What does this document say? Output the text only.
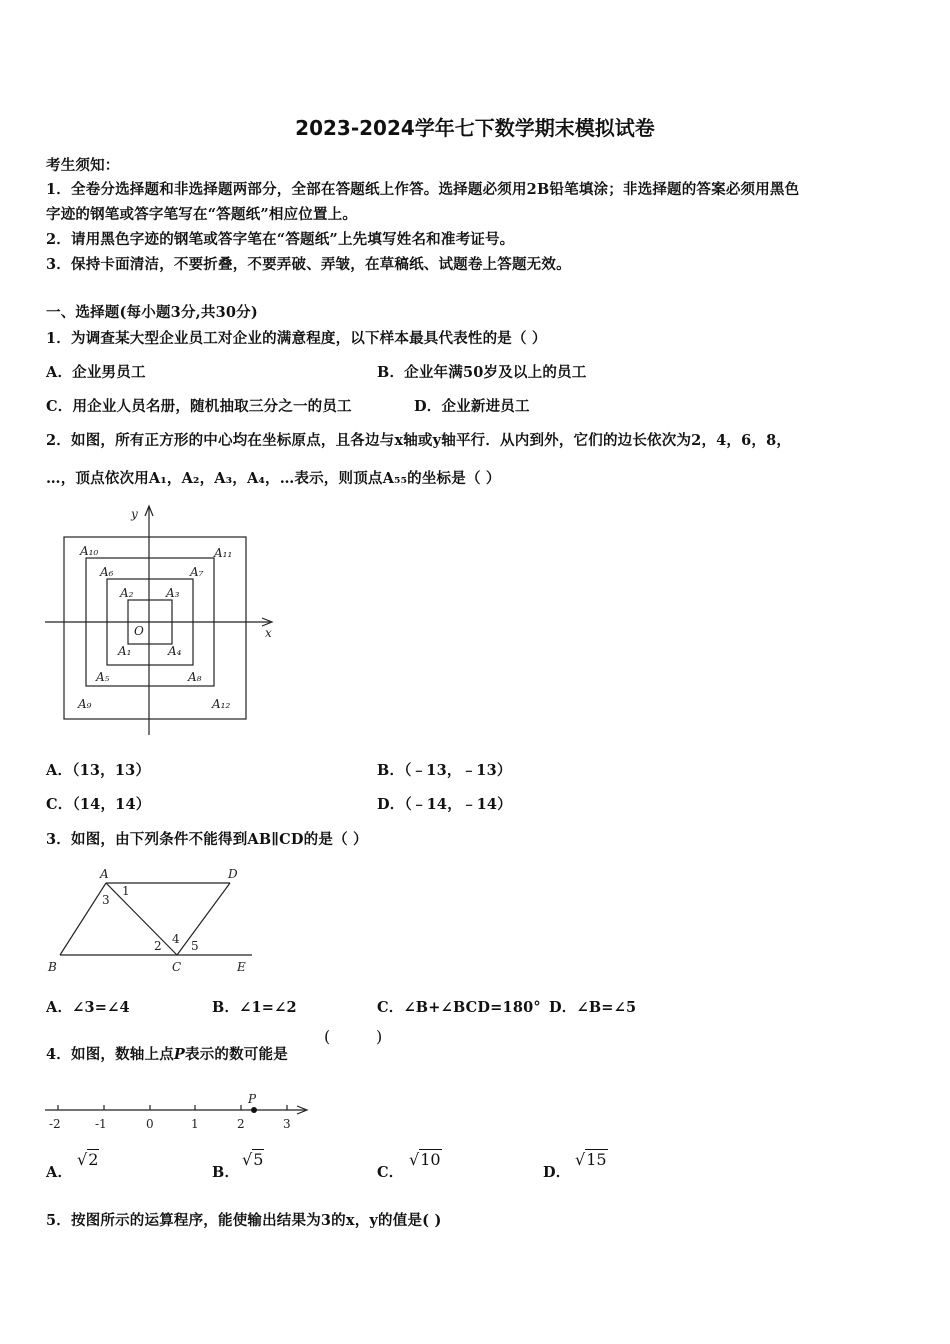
2023-2024学年七下数学期末模拟试卷
考生须知：
1．全卷分选择题和非选择题两部分，全部在答题纸上作答。选择题必须用2B铅笔填涂；非选择题的答案必须用黑色
字迹的钢笔或答字笔写在“答题纸”相应位置上。
2．请用黑色字迹的钢笔或答字笔在“答题纸”上先填写姓名和准考证号。
3．保持卡面清洁，不要折叠，不要弄破、弄皱，在草稿纸、试题卷上答题无效。
一、选择题(每小题3分,共30分)
1．为调查某大型企业员工对企业的满意程度，以下样本最具代表性的是（ ）
A．企业男员工	B．企业年满50岁及以上的员工
C．用企业人员名册，随机抽取三分之一的员工	D．企业新进员工
2．如图，所有正方形的中心均在坐标原点，且各边与x轴或y轴平行．从内到外，它们的边长依次为2，4，6，8，
…，顶点依次用A₁，A₂，A₃，A₄，…表示，则顶点A₅₅的坐标是（ ）
x
y
O
A₁₀	A₁₁
A₆	A₇
A₂	A₃
A₁	A₄
A₅	A₈
A₉	A₁₂
A．（13，13）	B．（﹣13，﹣13）
C．（14，14）	D．（﹣14，﹣14）
3．如图，由下列条件不能得到AB∥CD的是（ ）
A	D
B	C	E
1
3
2 4 5
A．∠3=∠4	B．∠1=∠2	C．∠B+∠BCD=180° D．∠B=∠5
4．如图，数轴上点P表示的数可能是
(	)
P
-2	-1	0	1	2	3
A．
√2
B．
√5
C．
√10
D．
√15
5．按图所示的运算程序，能使输出结果为3的x，y的值是( )
